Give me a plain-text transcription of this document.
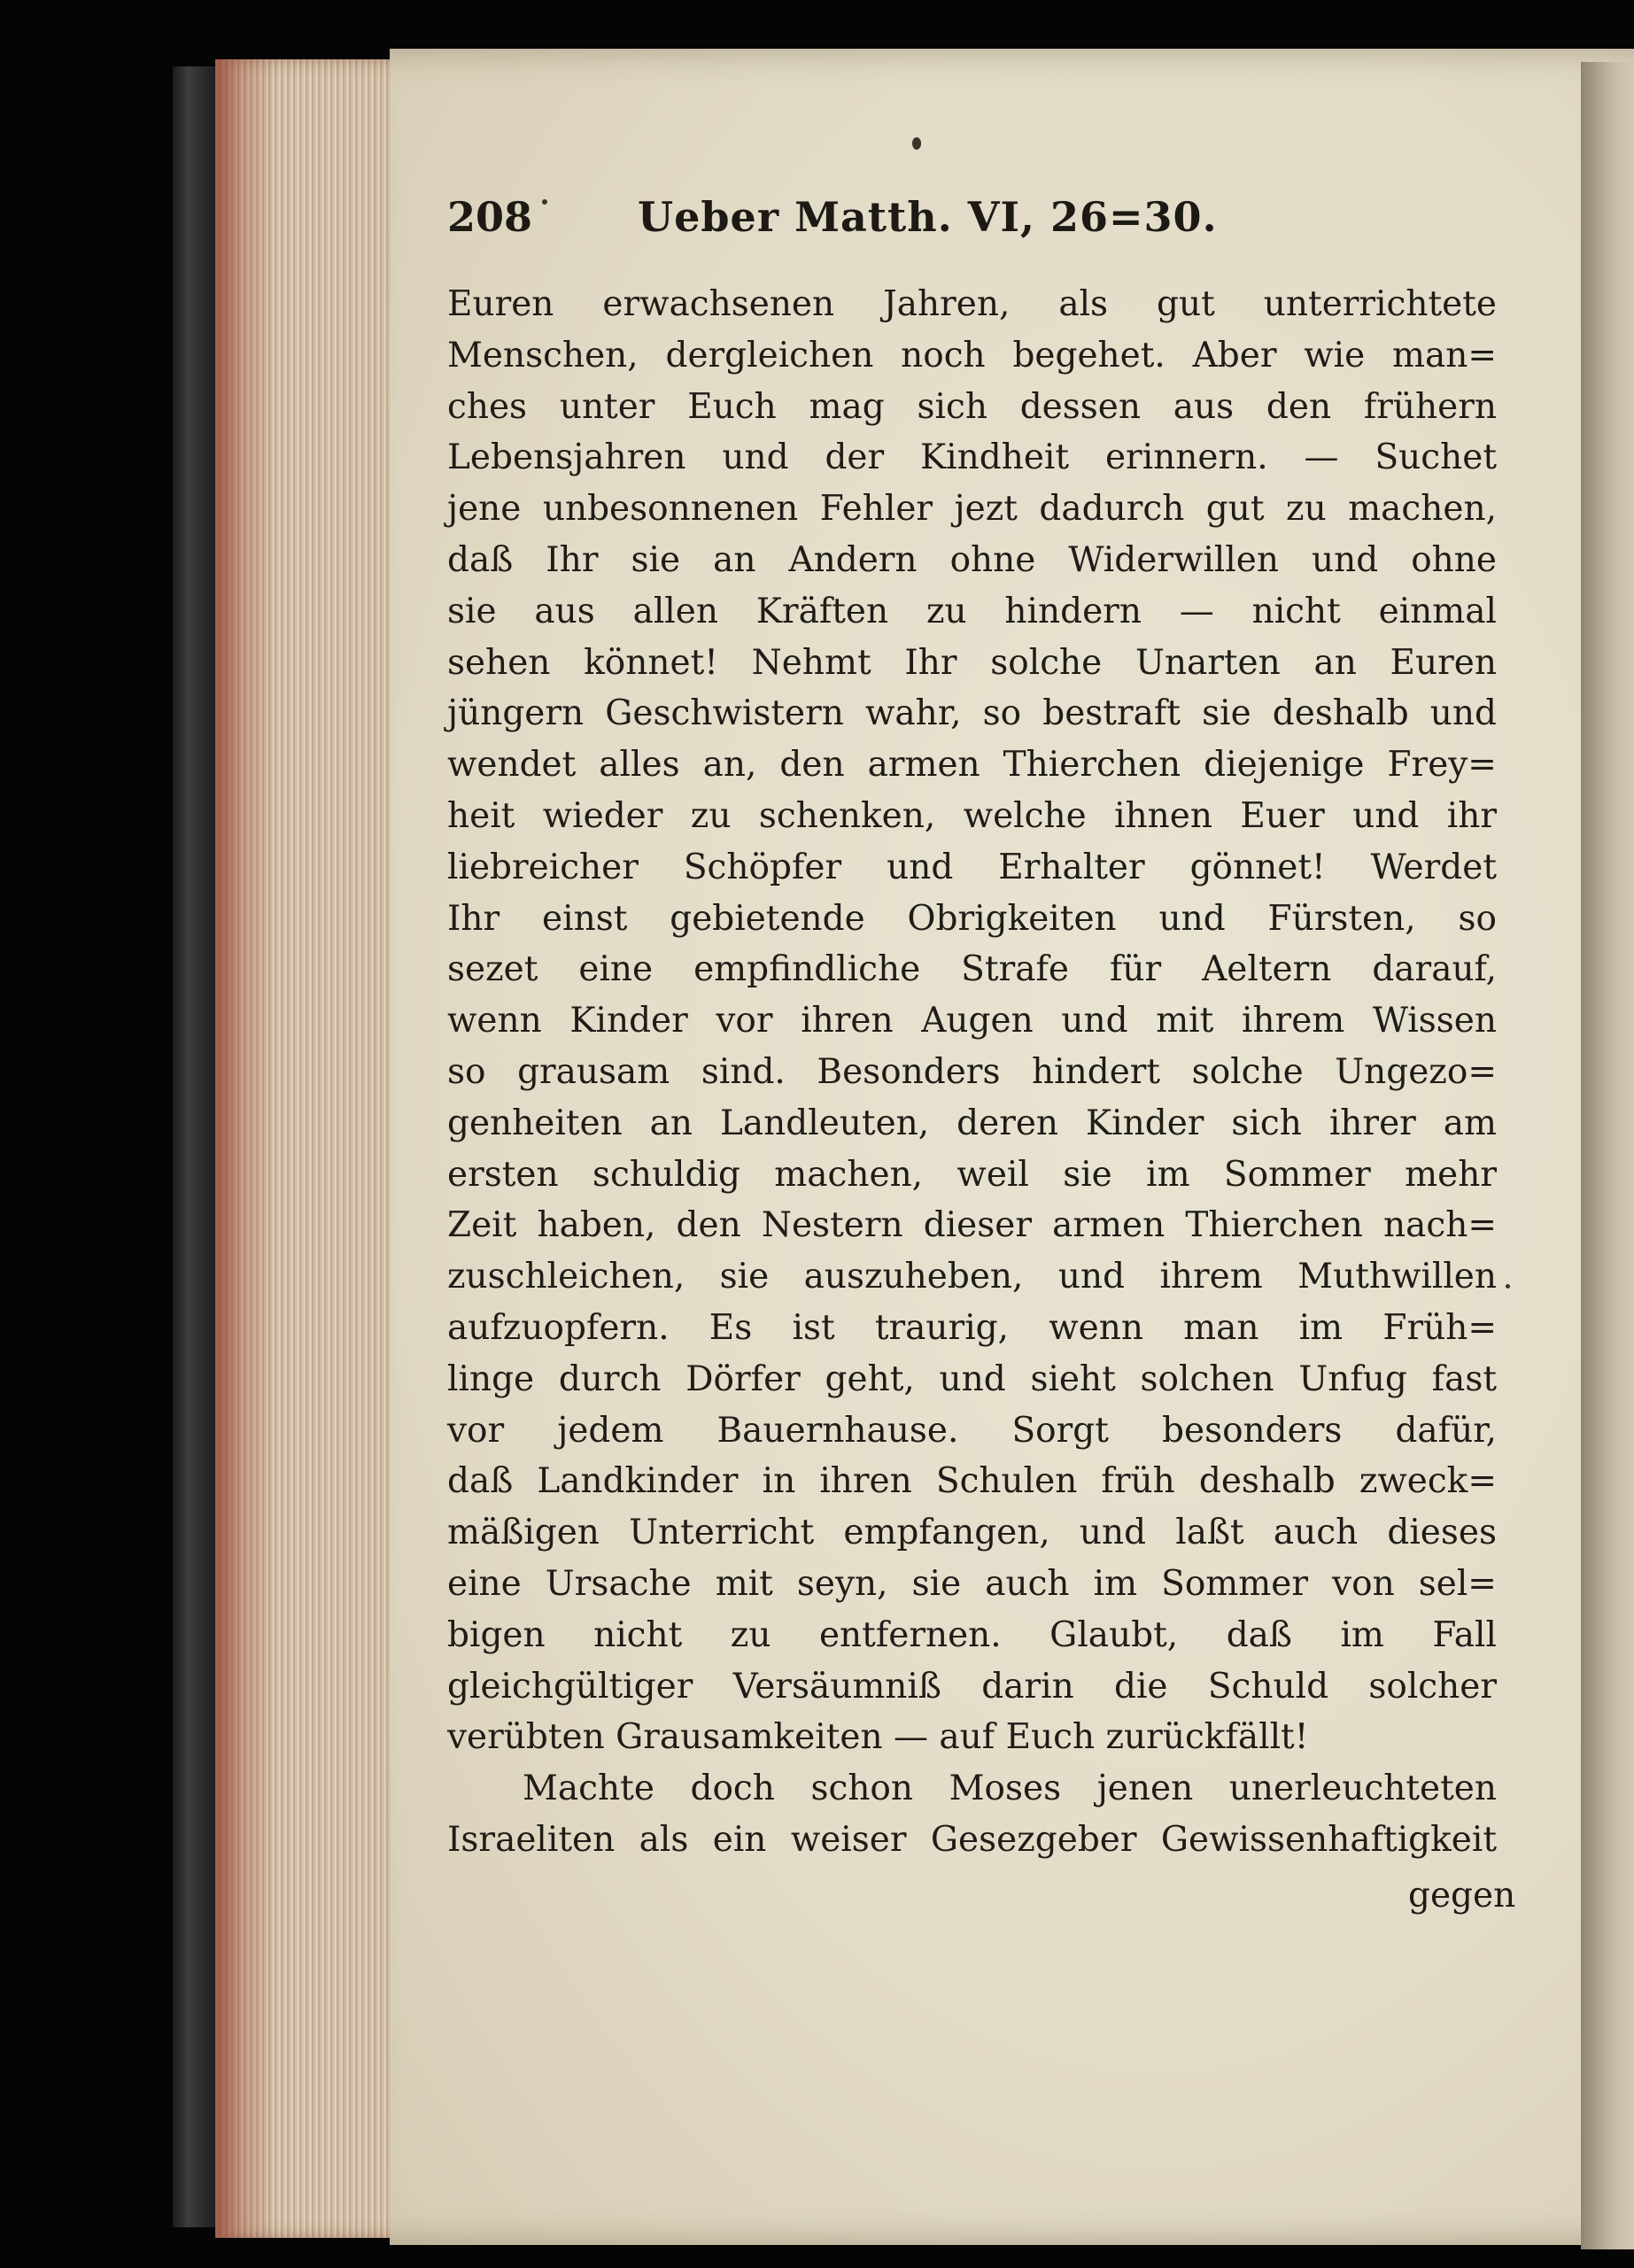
208	Ueber Matth. VI, 26=30.
Euren erwachsenen Jahren, als gut unterrichtete
Menschen, dergleichen noch begehet. Aber wie man=
ches unter Euch mag sich dessen aus den frühern
Lebensjahren und der Kindheit erinnern. — Suchet
jene unbesonnenen Fehler jezt dadurch gut zu machen,
daß Ihr sie an Andern ohne Widerwillen und ohne
sie aus allen Kräften zu hindern — nicht einmal
sehen könnet! Nehmt Ihr solche Unarten an Euren
jüngern Geschwistern wahr, so bestraft sie deshalb und
wendet alles an, den armen Thierchen diejenige Frey=
heit wieder zu schenken, welche ihnen Euer und ihr
liebreicher Schöpfer und Erhalter gönnet! Werdet
Ihr einst gebietende Obrigkeiten und Fürsten, so
sezet eine empfindliche Strafe für Aeltern darauf,
wenn Kinder vor ihren Augen und mit ihrem Wissen
so grausam sind. Besonders hindert solche Ungezo=
genheiten an Landleuten, deren Kinder sich ihrer am
ersten schuldig machen, weil sie im Sommer mehr
Zeit haben, den Nestern dieser armen Thierchen nach=
zuschleichen, sie auszuheben, und ihrem Muthwillen
aufzuopfern. Es ist traurig, wenn man im Früh=
linge durch Dörfer geht, und sieht solchen Unfug fast
vor jedem Bauernhause. Sorgt besonders dafür,
daß Landkinder in ihren Schulen früh deshalb zweck=
mäßigen Unterricht empfangen, und laßt auch dieses
eine Ursache mit seyn, sie auch im Sommer von sel=
bigen nicht zu entfernen. Glaubt, daß im Fall
gleichgültiger Versäumniß darin die Schuld solcher
verübten Grausamkeiten — auf Euch zurückfällt!
Machte doch schon Moses jenen unerleuchteten
Israeliten als ein weiser Gesezgeber Gewissenhaftigkeit
gegen
